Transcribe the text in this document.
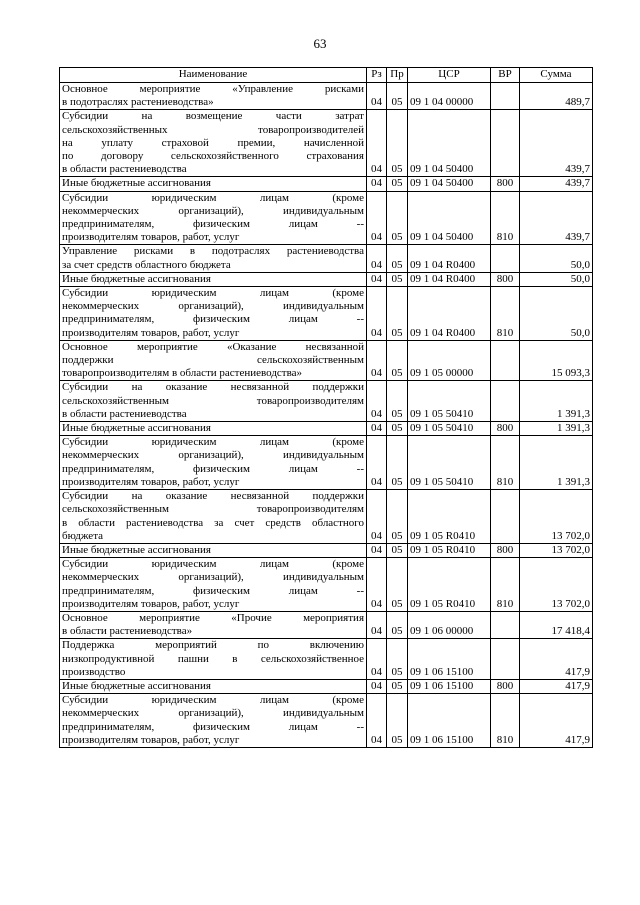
63
Наименование	Рз	Пр	ЦСР	ВР	Сумма

Основное мероприятие «Управление рисками
в подотраслях растениеводства»	04	05	09 1 04 00000		489,7

Субсидии на возмещение части затрат
сельскохозяйственных товаропроизводителей
на уплату страховой премии, начисленной
по договору сельскохозяйственного страхования
в области растениеводства	04	05	09 1 04 50400		439,7

Иные бюджетные ассигнования	04	05	09 1 04 50400	800	439,7

Субсидии юридическим лицам (кроме
некоммерческих организаций), индивидуальным
предпринимателям, физическим лицам --
производителям товаров, работ, услуг	04	05	09 1 04 50400	810	439,7

Управление рисками в подотраслях растениеводства
за счет средств областного бюджета	04	05	09 1 04 R0400		50,0

Иные бюджетные ассигнования	04	05	09 1 04 R0400	800	50,0

Субсидии юридическим лицам (кроме
некоммерческих организаций), индивидуальным
предпринимателям, физическим лицам --
производителям товаров, работ, услуг	04	05	09 1 04 R0400	810	50,0

Основное мероприятие «Оказание несвязанной
поддержки сельскохозяйственным
товаропроизводителям в области растениеводства»	04	05	09 1 05 00000		15 093,3

Субсидии на оказание несвязанной поддержки
сельскохозяйственным товаропроизводителям
в области растениеводства	04	05	09 1 05 50410		1 391,3

Иные бюджетные ассигнования	04	05	09 1 05 50410	800	1 391,3

Субсидии юридическим лицам (кроме
некоммерческих организаций), индивидуальным
предпринимателям, физическим лицам --
производителям товаров, работ, услуг	04	05	09 1 05 50410	810	1 391,3

Субсидии на оказание несвязанной поддержки
сельскохозяйственным товаропроизводителям
в области растениеводства за счет средств областного
бюджета	04	05	09 1 05 R0410		13 702,0

Иные бюджетные ассигнования	04	05	09 1 05 R0410	800	13 702,0

Субсидии юридическим лицам (кроме
некоммерческих организаций), индивидуальным
предпринимателям, физическим лицам --
производителям товаров, работ, услуг	04	05	09 1 05 R0410	810	13 702,0

Основное мероприятие «Прочие мероприятия
в области растениеводства»	04	05	09 1 06 00000		17 418,4

Поддержка мероприятий по включению
низкопродуктивной пашни в сельскохозяйственное
производство	04	05	09 1 06 15100		417,9

Иные бюджетные ассигнования	04	05	09 1 06 15100	800	417,9

Субсидии юридическим лицам (кроме
некоммерческих организаций), индивидуальным
предпринимателям, физическим лицам --
производителям товаров, работ, услуг	04	05	09 1 06 15100	810	417,9
